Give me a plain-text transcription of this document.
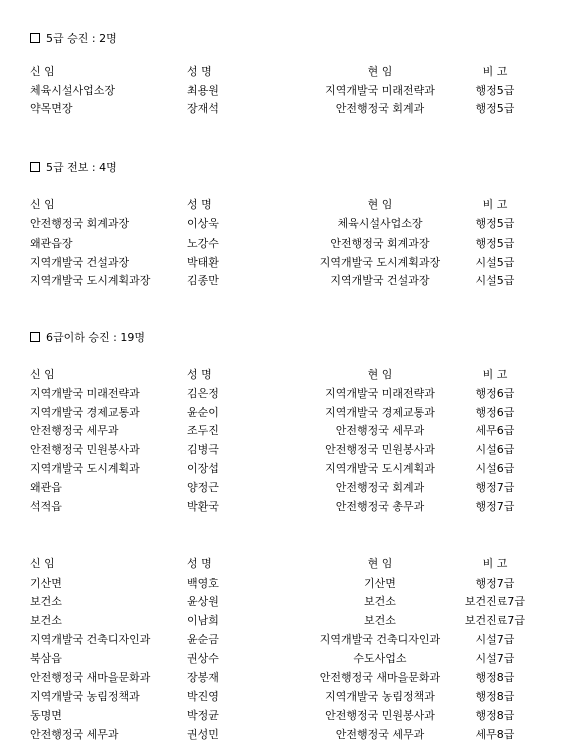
5급 승진 : 2명
신 임	성 명	현 임	비 고
체육시설사업소장	최용원	지역개발국 미래전략과	행정5급
약목면장	장재석	안전행정국 회계과	행정5급
5급 전보 : 4명
신 임	성 명	현 임	비 고
안전행정국 회계과장	이상욱	체육시설사업소장	행정5급
왜관읍장	노강수	안전행정국 회계과장	행정5급
지역개발국 건설과장	박태환	지역개발국 도시계획과장	시설5급
지역개발국 도시계획과장	김종만	지역개발국 건설과장	시설5급
6급이하 승진 : 19명
신 임	성 명	현 임	비 고
지역개발국 미래전략과	김은정	지역개발국 미래전략과	행정6급
지역개발국 경제교통과	윤순이	지역개발국 경제교통과	행정6급
안전행정국 세무과	조두진	안전행정국 세무과	세무6급
안전행정국 민원봉사과	김병극	안전행정국 민원봉사과	시설6급
지역개발국 도시계획과	이장섭	지역개발국 도시계획과	시설6급
왜관읍	양정근	안전행정국 회계과	행정7급
석적읍	박환국	안전행정국 총무과	행정7급
신 임	성 명	현 임	비 고
기산면	백영호	기산면	행정7급
보건소	윤상원	보건소	보건진료7급
보건소	이남희	보건소	보건진료7급
지역개발국 건축디자인과	윤순금	지역개발국 건축디자인과	시설7급
북삼읍	권상수	수도사업소	시설7급
안전행정국 새마을문화과	장봉재	안전행정국 새마을문화과	행정8급
지역개발국 농림정책과	박진영	지역개발국 농림정책과	행정8급
동명면	박정균	안전행정국 민원봉사과	행정8급
안전행정국 세무과	권성민	안전행정국 세무과	세무8급
